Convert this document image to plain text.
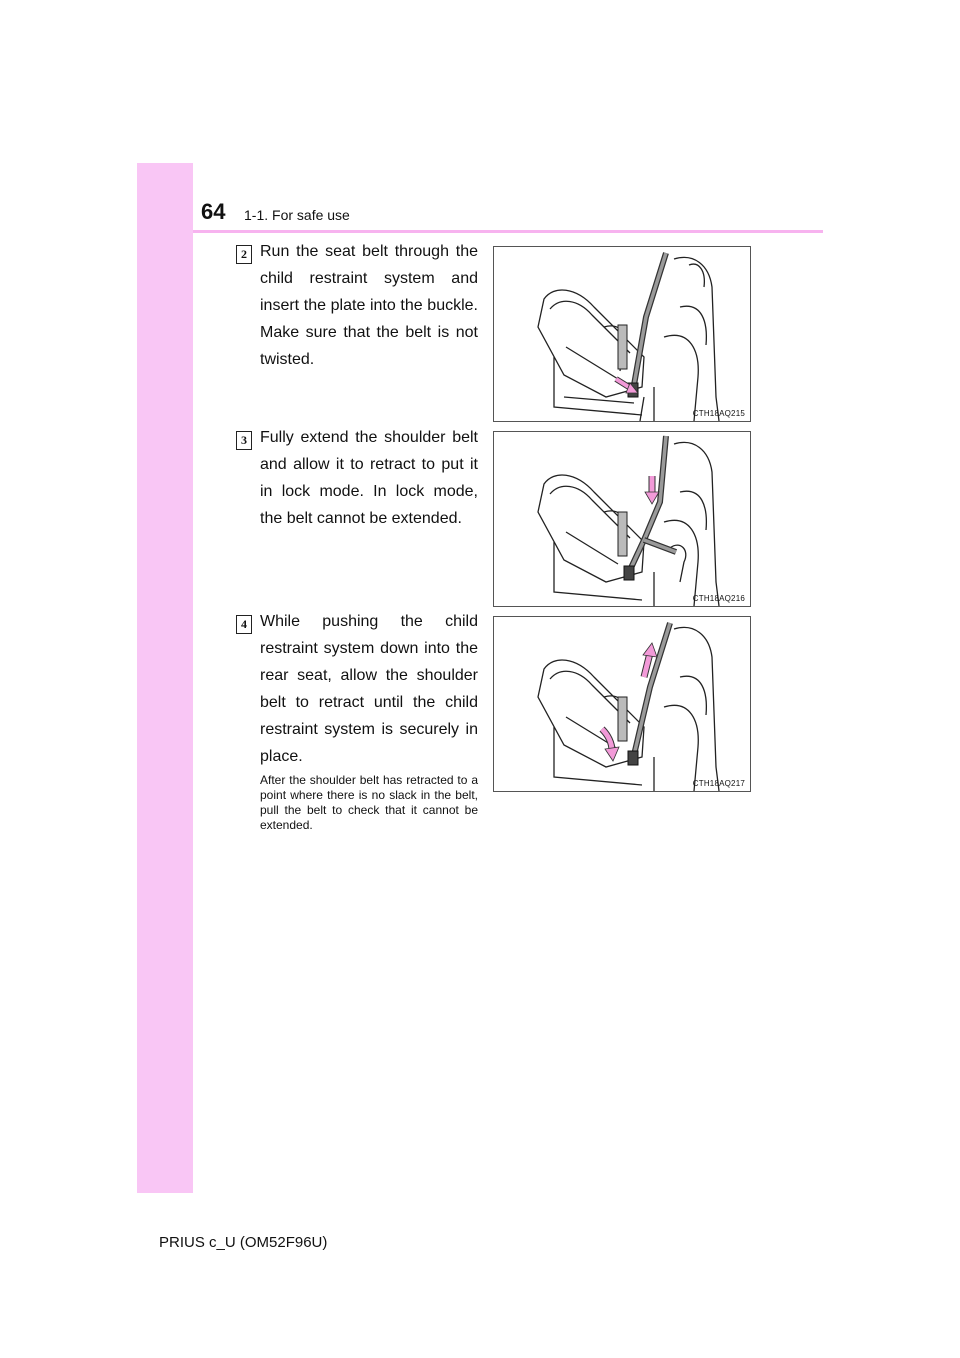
64 1-1. For safe use
2 Run the seat belt through the child restraint system and insert the plate into the buckle. Make sure that the belt is not twisted.
CTH18AQ215
3 Fully extend the shoulder belt and allow it to retract to put it in lock mode. In lock mode, the belt cannot be extended.
CTH18AQ216
4 While pushing the child restraint system down into the rear seat, allow the shoulder belt to retract until the child restraint system is securely in place.
After the shoulder belt has retracted to a point where there is no slack in the belt, pull the belt to check that it cannot be extended.
CTH18AQ217
PRIUS c_U (OM52F96U)
